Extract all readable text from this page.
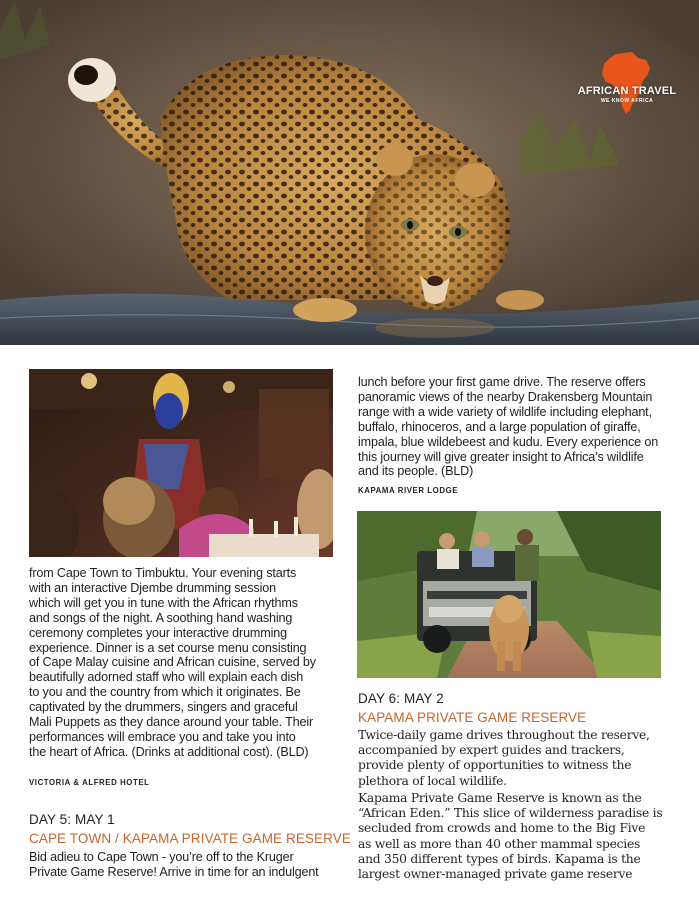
AFRICAN TRAVEL
WE KNOW AFRICA
from Cape Town to Timbuktu. Your evening starts
with an interactive Djembe drumming session
which will get you in tune with the African rhythms
and songs of the night. A soothing hand washing
ceremony completes your interactive drumming
experience. Dinner is a set course menu consisting
of Cape Malay cuisine and African cuisine, served by
beautifully adorned staff who will explain each dish
to you and the country from which it originates. Be
captivated by the drummers, singers and graceful
Mali Puppets as they dance around your table. Their
performances will embrace you and take you into
the heart of Africa. (Drinks at additional cost). (BLD)
VICTORIA & ALFRED HOTEL
DAY 5: MAY 1
CAPE TOWN / KAPAMA PRIVATE GAME RESERVE
Bid adieu to Cape Town - you’re off to the Kruger
Private Game Reserve! Arrive in time for an indulgent
lunch before your first game drive. The reserve offers
panoramic views of the nearby Drakensberg Mountain
range with a wide variety of wildlife including elephant,
buffalo, rhinoceros, and a large population of giraffe,
impala, blue wildebeest and kudu. Every experience on
this journey will give greater insight to Africa’s wildlife
and its people. (BLD)
KAPAMA RIVER LODGE
DAY 6: MAY 2
KAPAMA PRIVATE GAME RESERVE
Twice-daily game drives throughout the reserve,
accompanied by expert guides and trackers,
provide plenty of opportunities to witness the
plethora of local wildlife.
Kapama Private Game Reserve is known as the
“African Eden.” This slice of wilderness paradise is
secluded from crowds and home to the Big Five
as well as more than 40 other mammal species
and 350 different types of birds. Kapama is the
largest owner-managed private game reserve
